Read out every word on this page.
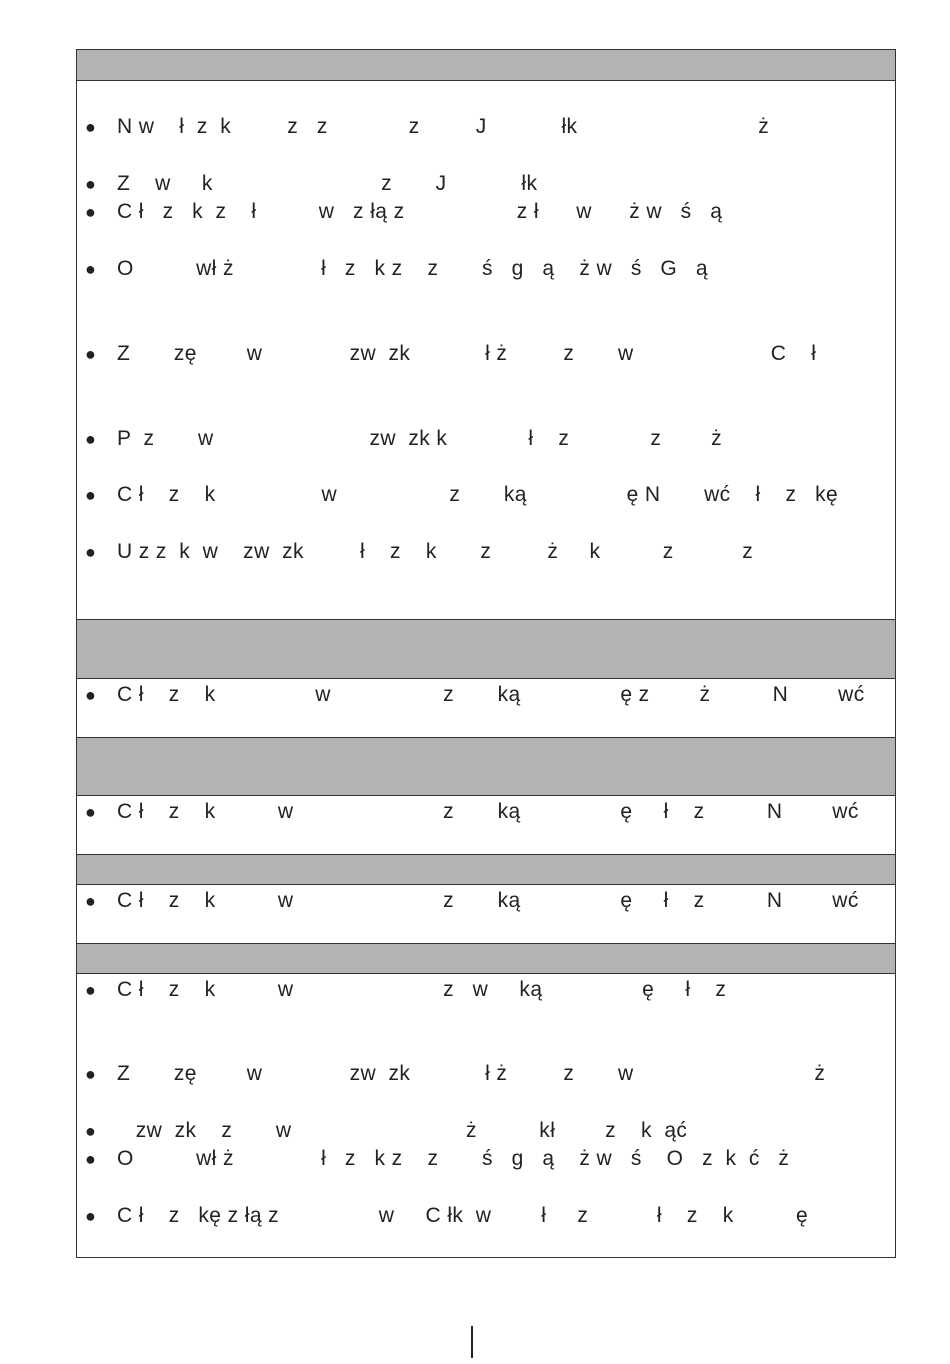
● N w    ł  z  k         z   z             z         J            łk                             ż
● Z    w     k                           z       J            łk
● C ł   z   k  z    ł          w   z łą z                  z ł      w      ż w   ś   ą
● O          wł ż              ł   z   k z    z       ś   g   ą    ż w   ś   G   ą
● Z       zę        w              zw  zk            ł ż         z       w                      C    ł
● P  z       w                         zw  zk k             ł    z             z        ż
● C ł    z    k                 w                  z       ką                ę N       wć    ł    z   kę
● U z z  k  w    zw  zk         ł    z    k       z         ż     k          z           z
● C ł    z    k                w                  z       ką                ę z        ż          N        wć
● C ł    z    k          w                        z       ką                ę     ł    z          N        wć
● C ł    z    k          w                        z       ką                ę     ł    z          N        wć
● C ł    z    k          w                        z   w     ką                ę     ł    z
● Z       zę        w              zw  zk            ł ż         z       w                             ż
● zw  zk    z       w                            ż          kł        z    k  ąć
● O          wł ż              ł   z   k z    z       ś   g   ą    ż w   ś    O   z  k  ć   ż
● C ł    z   kę z łą z                w     C łk  w        ł     z           ł    z    k          ę
